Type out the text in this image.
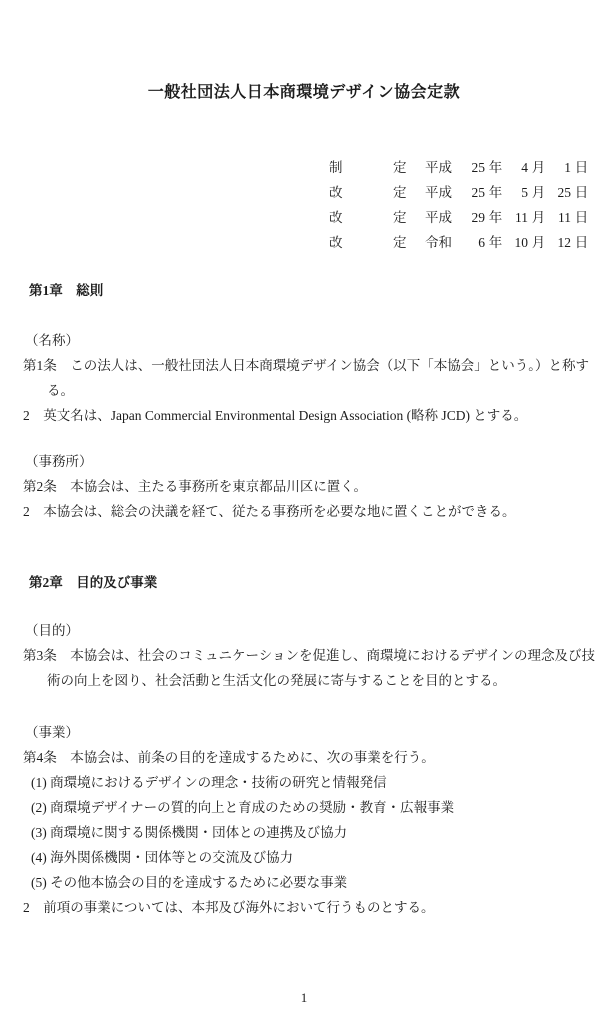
一般社団法人日本商環境デザイン協会定款
制	定 平成	25 年	4 月	1 日
改	定 平成	25 年	5 月 25 日
改	定 平成	29 年 11 月 11 日
改	定 令和	6 年 10 月 12 日
第1章　総則
（名称）
第1条　この法人は、一般社団法人日本商環境デザイン協会（以下「本協会」という。）と称す
る。
2　英文名は、Japan Commercial Environmental Design Association (略称 JCD) とする。
（事務所）
第2条　本協会は、主たる事務所を東京都品川区に置く。
2　本協会は、総会の決議を経て、従たる事務所を必要な地に置くことができる。
第2章　目的及び事業
（目的）
第3条　本協会は、社会のコミュニケーションを促進し、商環境におけるデザインの理念及び技
術の向上を図り、社会活動と生活文化の発展に寄与することを目的とする。
（事業）
第4条　本協会は、前条の目的を達成するために、次の事業を行う。
(1) 商環境におけるデザインの理念・技術の研究と情報発信
(2) 商環境デザイナーの質的向上と育成のための奨励・教育・広報事業
(3) 商環境に関する関係機関・団体との連携及び協力
(4) 海外関係機関・団体等との交流及び協力
(5) その他本協会の目的を達成するために必要な事業
2　前項の事業については、本邦及び海外において行うものとする。
1
